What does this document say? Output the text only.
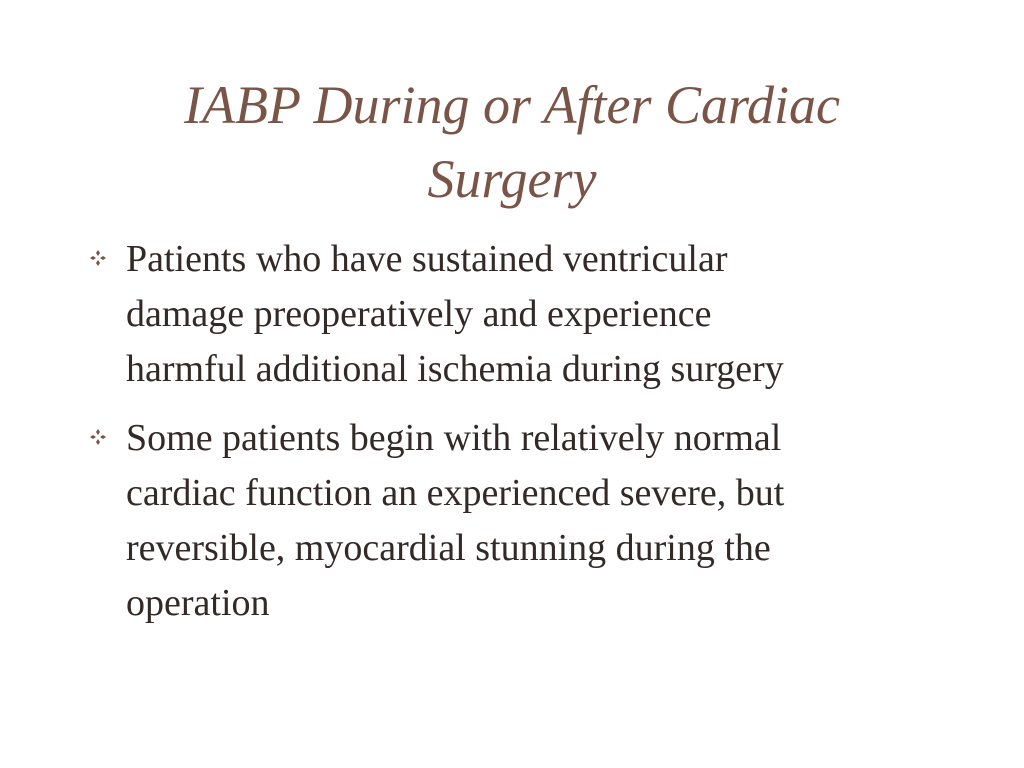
IABP During or After Cardiac
Surgery
Patients who have sustained ventricular
damage preoperatively and experience
harmful additional ischemia during surgery
Some patients begin with relatively normal
cardiac function an experienced severe, but
reversible, myocardial stunning during the
operation
